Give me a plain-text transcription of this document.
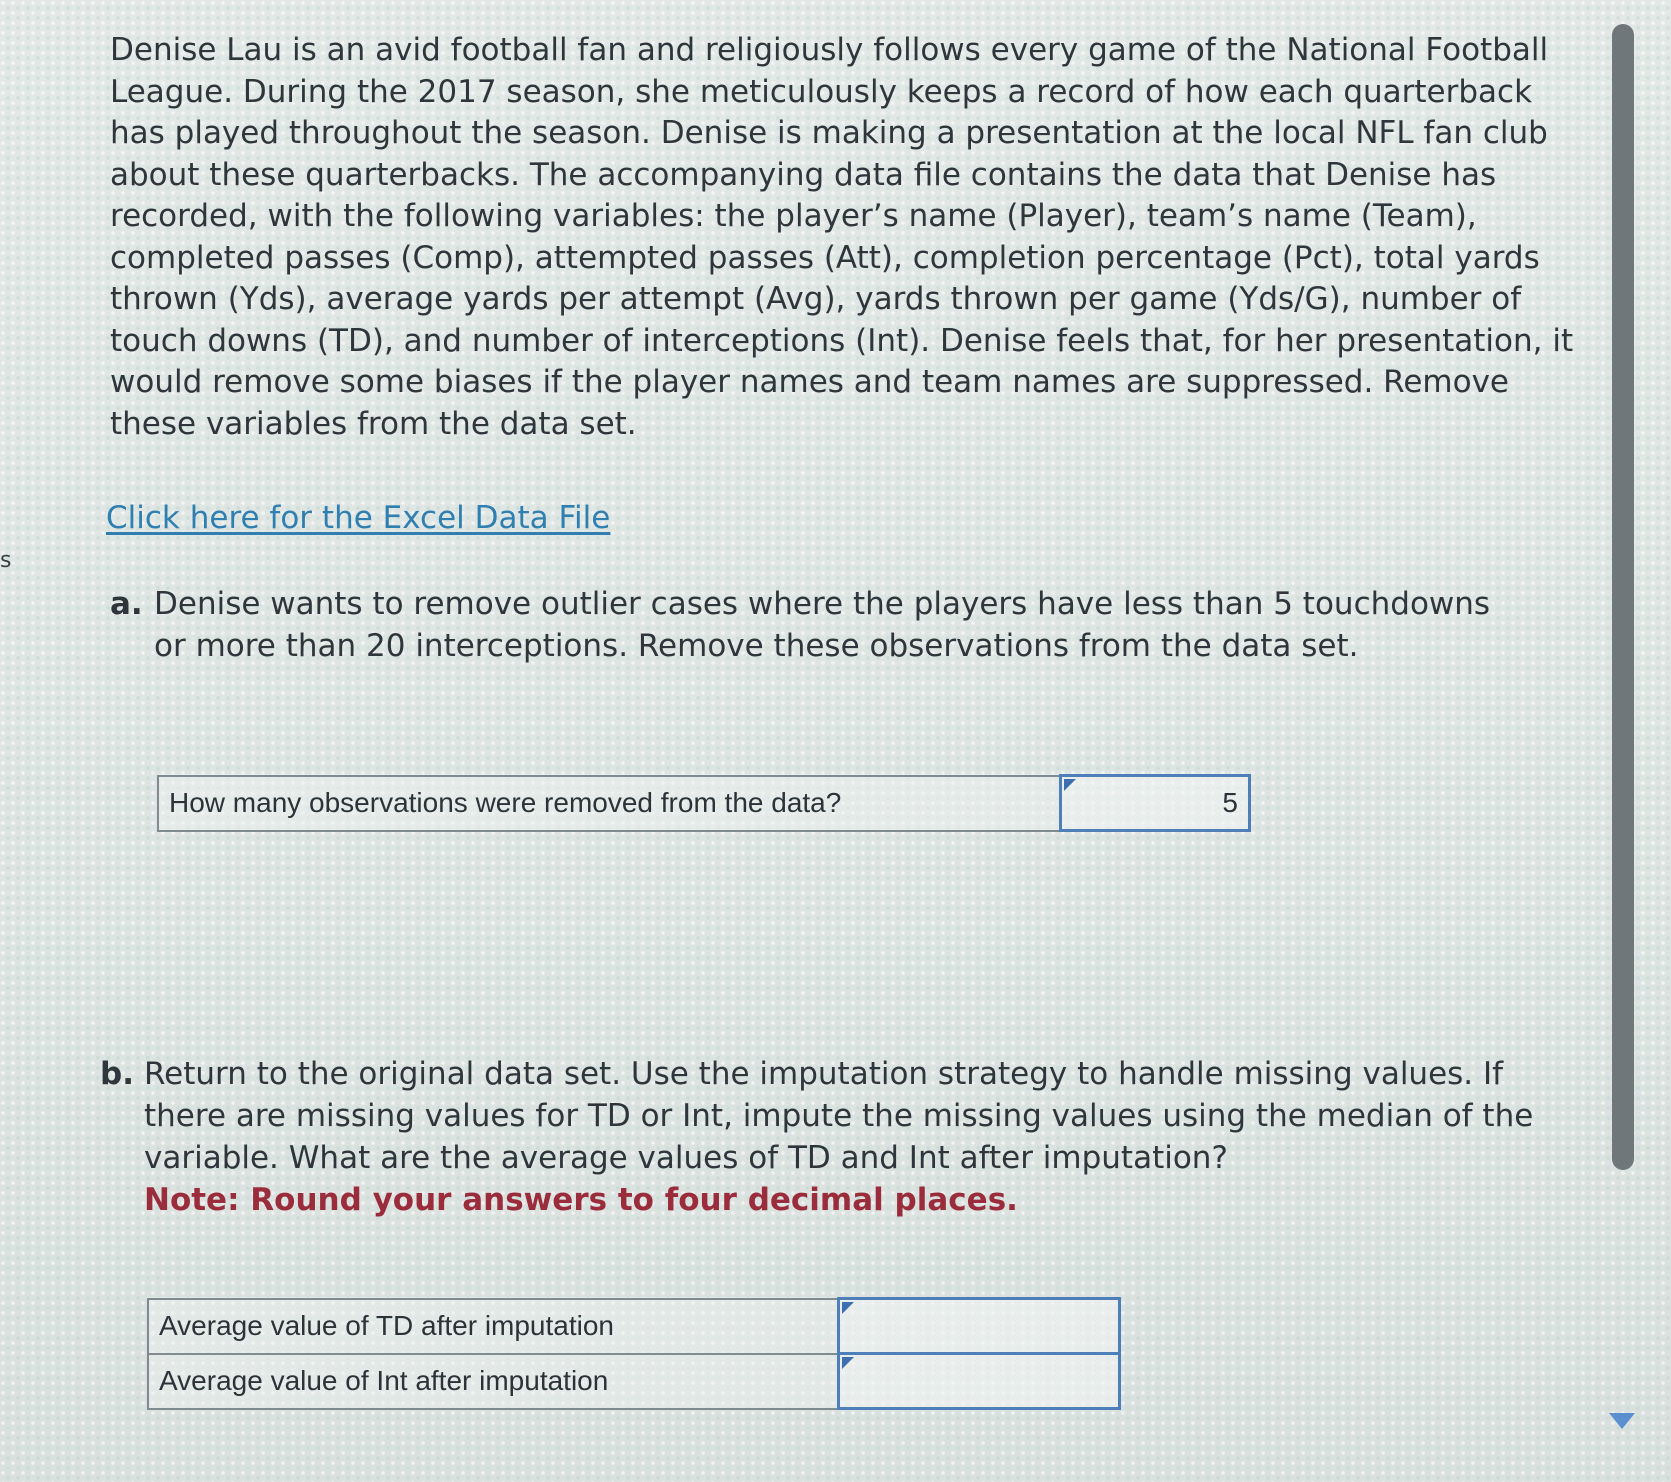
s

Denise Lau is an avid football fan and religiously follows every game of the National Football League. During the 2017 season, she meticulously keeps a record of how each quarterback has played throughout the season. Denise is making a presentation at the local NFL fan club about these quarterbacks. The accompanying data file contains the data that Denise has recorded, with the following variables: the player’s name (Player), team’s name (Team), completed passes (Comp), attempted passes (Att), completion percentage (Pct), total yards thrown (Yds), average yards per attempt (Avg), yards thrown per game (Yds/G), number of touch downs (TD), and number of interceptions (Int). Denise feels that, for her presentation, it would remove some biases if the player names and team names are suppressed. Remove these variables from the data set.

Click here for the Excel Data File
a. Denise wants to remove outlier cases where the players have less than 5 touchdowns or more than 20 interceptions. Remove these observations from the data set.
How many observations were removed from the data?	5
b. Return to the original data set. Use the imputation strategy to handle missing values. If there are missing values for TD or Int, impute the missing values using the median of the variable. What are the average values of TD and Int after imputation?
Note: Round your answers to four decimal places.
Average value of TD after imputation	
Average value of Int after imputation	
